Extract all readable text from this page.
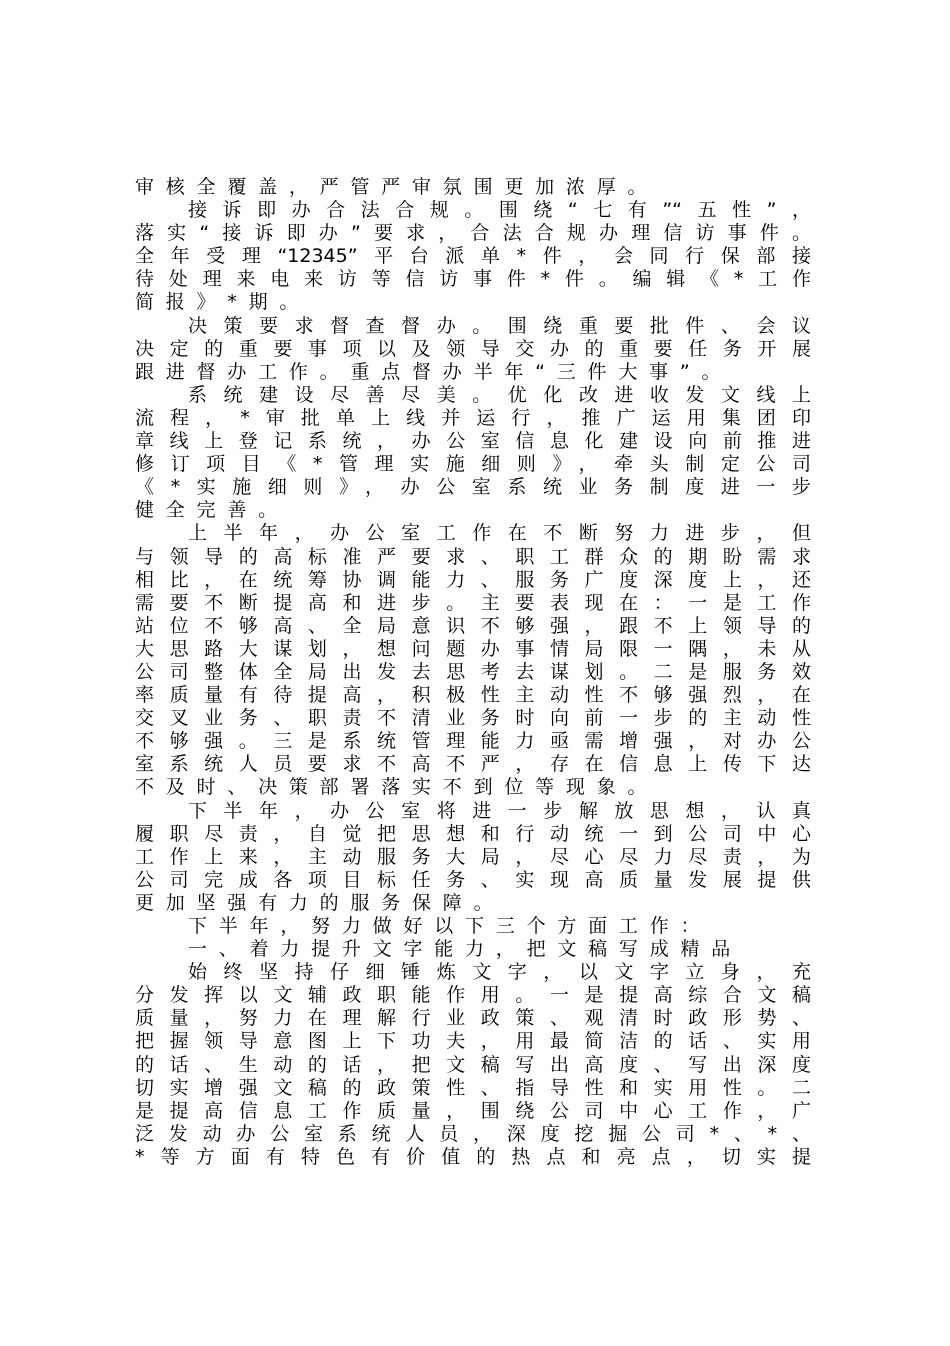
审核全覆盖，严管严审氛围更加浓厚。
接诉即办合法合规。围绕“七有”“五性”，
落实“接诉即办”要求，合法合规办理信访事件。
全年受理“12345”平台派单*件，会同行保部接
待处理来电来访等信访事件*件。编辑《*工作
简报》*期。
决策要求督查督办。围绕重要批件、会议
决定的重要事项以及领导交办的重要任务开展
跟进督办工作。重点督办半年“三件大事”。
系统建设尽善尽美。优化改进收发文线上
流程，*审批单上线并运行，推广运用集团印
章线上登记系统，办公室信息化建设向前推进
修订项目《*管理实施细则》，牵头制定公司
《*实施细则》，办公室系统业务制度进一步
健全完善。
上半年，办公室工作在不断努力进步，但
与领导的高标准严要求、职工群众的期盼需求
相比，在统筹协调能力、服务广度深度上，还
需要不断提高和进步。主要表现在：一是工作
站位不够高、全局意识不够强，跟不上领导的
大思路大谋划，想问题办事情局限一隅，未从
公司整体全局出发去思考去谋划。二是服务效
率质量有待提高，积极性主动性不够强烈，在
交叉业务、职责不清业务时向前一步的主动性
不够强。三是系统管理能力亟需增强，对办公
室系统人员要求不高不严，存在信息上传下达
不及时、决策部署落实不到位等现象。
下半年，办公室将进一步解放思想，认真
履职尽责，自觉把思想和行动统一到公司中心
工作上来，主动服务大局，尽心尽力尽责，为
公司完成各项目标任务、实现高质量发展提供
更加坚强有力的服务保障。
下半年，努力做好以下三个方面工作：
一、着力提升文字能力，把文稿写成精品
始终坚持仔细锤炼文字，以文字立身，充
分发挥以文辅政职能作用。一是提高综合文稿
质量，努力在理解行业政策、观清时政形势、
把握领导意图上下功夫，用最简洁的话、实用
的话、生动的话，把文稿写出高度、写出深度
切实增强文稿的政策性、指导性和实用性。二
是提高信息工作质量，围绕公司中心工作，广
泛发动办公室系统人员，深度挖掘公司*、*、
*等方面有特色有价值的热点和亮点，切实提
